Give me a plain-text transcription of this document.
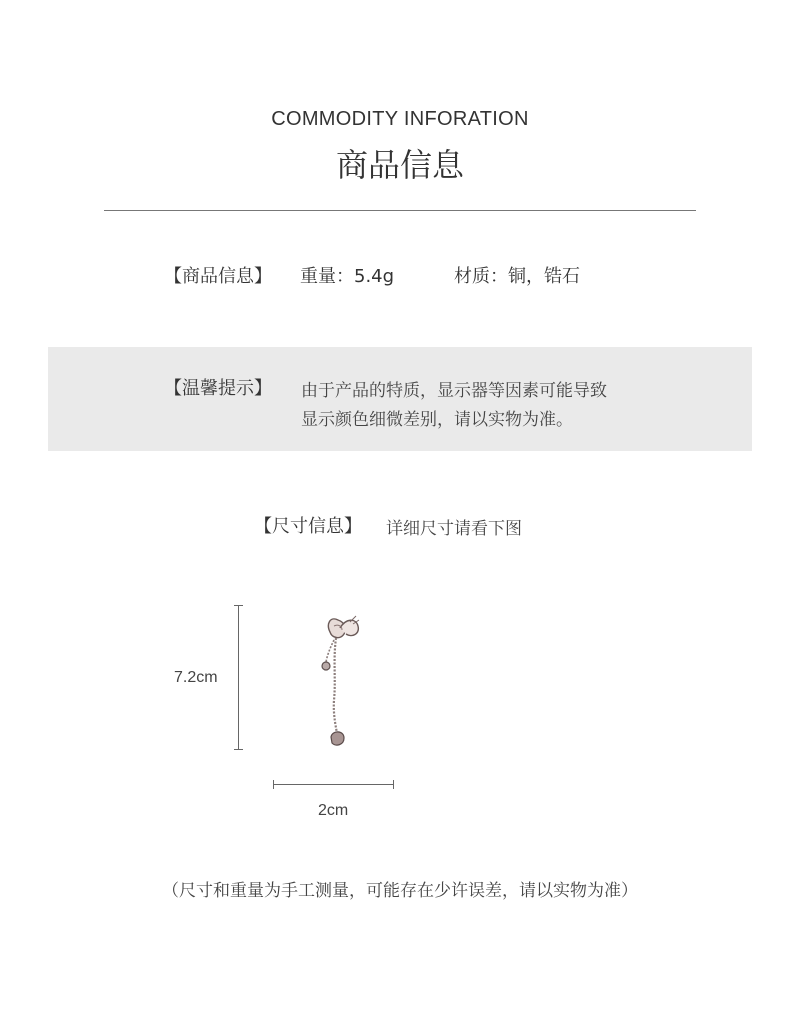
COMMODITY INFORATION
商品信息
【商品信息】 重量：5.4g	材质：铜，锆石
【温馨提示】 由于产品的特质，显示器等因素可能导致
显示颜色细微差别，请以实物为准。
【尺寸信息】 详细尺寸请看下图
7.2cm
2cm
（尺寸和重量为手工测量，可能存在少许误差，请以实物为准）
